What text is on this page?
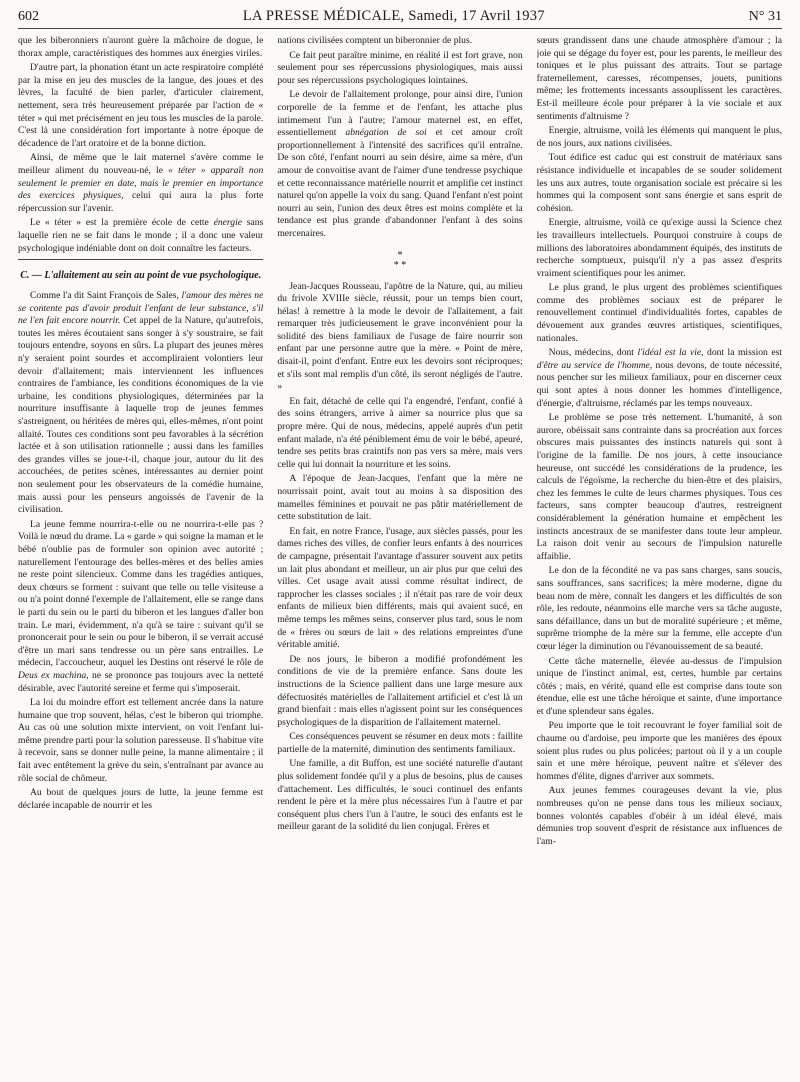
602	LA PRESSE MÉDICALE, Samedi, 17 Avril 1937	N° 31

que les biberonniers n'auront guère la mâchoire de dogue, le thorax ample, caractéristiques des hommes aux énergies viriles.

D'autre part, la phonation étant un acte respiratoire complété par la mise en jeu des muscles de la langue, des joues et des lèvres, la faculté de bien parler, d'articuler clairement, nettement, sera très heureusement préparée par l'action de « téter » qui met précisément en jeu tous les muscles de la parole. C'est là une considération fort importante à notre époque de décadence de l'art oratoire et de la bonne diction.

Ainsi, de même que le lait maternel s'avère comme le meilleur aliment du nouveau-né, le « téter » apparaît non seulement le premier en date, mais le premier en importance des exercices physiques, celui qui aura la plus forte répercussion sur l'avenir.

Le « téter » est la première école de cette énergie sans laquelle rien ne se fait dans le monde ; il a donc une valeur psychologique indéniable dont on doit connaître les facteurs.

C. — L'allaitement au sein au point de vue psychologique.

Comme l'a dit Saint François de Sales, l'amour des mères ne se contente pas d'avoir produit l'enfant de leur substance, s'il ne l'en fait encore nourrir. Cet appel de la Nature, qu'autrefois, toutes les mères écoutaient sans songer à s'y soustraire, se fait toujours entendre, soyons en sûrs. La plupart des jeunes mères n'y seraient point sourdes et accompliraient volontiers leur devoir d'allaitement; mais interviennent les influences contraires de l'ambiance, les conditions économiques de la vie urbaine, les conditions physiologiques, déterminées par la nourriture insuffisante à laquelle trop de jeunes femmes s'astreignent, ou héritées de mères qui, elles-mêmes, n'ont point allaité. Toutes ces conditions sont peu favorables à la sécrétion lactée et à son utilisation rationnelle ; aussi dans les familles des grandes villes se joue-t-il, chaque jour, autour du lit des accouchées, de petites scènes, intéressantes au dernier point non seulement pour les observateurs de la comédie humaine, mais aussi pour les penseurs angoissés de l'avenir de la civilisation.

La jeune femme nourrira-t-elle ou ne nourrira-t-elle pas ? Voilà le nœud du drame. La « garde » qui soigne la maman et le bébé n'oublie pas de formuler son opinion avec autorité ; naturellement l'entourage des belles-mères et des belles amies ne reste point silencieux. Comme dans les tragédies antiques, deux chœurs se forment : suivant que telle ou telle visiteuse a ou n'a point donné l'exemple de l'allaitement, elle se range dans le parti du sein ou le parti du biberon et les langues d'aller bon train. Le mari, évidemment, n'a qu'à se taire : suivant qu'il se prononcerait pour le sein ou pour le biberon, il se verrait accusé d'être un mari sans tendresse ou un père sans entrailles. Le médecin, l'accoucheur, auquel les Destins ont réservé le rôle de Deus ex machina, ne se prononce pas toujours avec la netteté désirable, avec l'autorité sereine et ferme qui s'imposerait.

La loi du moindre effort est tellement ancrée dans la nature humaine que trop souvent, hélas, c'est le biberon qui triomphe. Au cas où une solution mixte intervient, on voit l'enfant lui-même prendre parti pour la solution paresseuse. Il s'habitue vite à recevoir, sans se donner nulle peine, la manne alimentaire ; il fait avec entêtement la grève du sein, s'entraînant par avance au rôle social de chômeur.

Au bout de quelques jours de lutte, la jeune femme est déclarée incapable de nourrir et les

nations civilisées comptent un biberonnier de plus.

Ce fait peut paraître minime, en réalité il est fort grave, non seulement pour ses répercussions physiologiques, mais aussi pour ses répercussions psychologiques lointaines.

Le devoir de l'allaitement prolonge, pour ainsi dire, l'union corporelle de la femme et de l'enfant, les attache plus intimement l'un à l'autre; l'amour maternel est, en effet, essentiellement abnégation de soi et cet amour croît proportionnellement à l'intensité des sacrifices qu'il entraîne. De son côté, l'enfant nourri au sein désire, aime sa mère, d'un amour de convoitise avant de l'aimer d'une tendresse psychique et cette reconnaissance matérielle nourrit et amplifie cet instinct naturel qu'on appelle la voix du sang. Quand l'enfant n'est point nourri au sein, l'union des deux êtres est moins complète et la tendance est plus grande d'abandonner l'enfant à des soins mercenaires.

*
* *

Jean-Jacques Rousseau, l'apôtre de la Nature, qui, au milieu du frivole XVIIIe siècle, réussit, pour un temps bien court, hélas! à remettre à la mode le devoir de l'allaitement, a fait remarquer très judicieusement le grave inconvénient pour la solidité des biens familiaux de l'usage de faire nourrir son enfant par une personne autre que la mère. « Point de mère, disait-il, point d'enfant. Entre eux les devoirs sont réciproques; et s'ils sont mal remplis d'un côté, ils seront négligés de l'autre. »

En fait, détaché de celle qui l'a engendré, l'enfant, confié à des soins étrangers, arrive à aimer sa nourrice plus que sa propre mère. Qui de nous, médecins, appelé auprès d'un petit enfant malade, n'a été péniblement ému de voir le bébé, apeuré, tendre ses petits bras craintifs non pas vers sa mère, mais vers celle qui lui donnait la nourriture et les soins.

A l'époque de Jean-Jacques, l'enfant que la mère ne nourrissait point, avait tout au moins à sa disposition des mamelles féminines et pouvait ne pas pâtir matériellement de cette substitution de lait.

En fait, en notre France, l'usage, aux siècles passés, pour les dames riches des villes, de confier leurs enfants à des nourrices de campagne, présentait l'avantage d'assurer souvent aux petits un lait plus abondant et meilleur, un air plus pur que celui des villes. Cet usage avait aussi comme résultat indirect, de rapprocher les classes sociales ; il n'était pas rare de voir deux enfants de milieux bien différents, mais qui avaient sucé, en même temps les mêmes seins, conserver plus tard, sous le nom de « frères ou sœurs de lait » des relations empreintes d'une véritable amitié.

De nos jours, le biberon a modifié profondément les conditions de vie de la première enfance. Sans doute les instructions de la Science pallient dans une large mesure aux défectuosités matérielles de l'allaitement artificiel et c'est là un grand bienfait : mais elles n'agissent point sur les conséquences psychologiques de la disparition de l'allaitement maternel.

Ces conséquences peuvent se résumer en deux mots : faillite partielle de la maternité, diminution des sentiments familiaux.

Une famille, a dit Buffon, est une société naturelle d'autant plus solidement fondée qu'il y a plus de besoins, plus de causes d'attachement. Les difficultés, le souci continuel des enfants rendent le père et la mère plus nécessaires l'un à l'autre et par conséquent plus chers l'un à l'autre, le souci des enfants est le meilleur garant de la solidité du lien conjugal. Frères et

sœurs grandissent dans une chaude atmosphère d'amour ; la joie qui se dégage du foyer est, pour les parents, le meilleur des toniques et le plus puissant des attraits. Tout se partage fraternellement, caresses, récompenses, jouets, punitions même; les frottements incessants assouplissent les caractères. Est-il meilleure école pour préparer à la vie sociale et aux sentiments d'altruisme ?

Energie, altruisme, voilà les éléments qui manquent le plus, de nos jours, aux nations civilisées.

Tout édifice est caduc qui est construit de matériaux sans résistance individuelle et incapables de se souder solidement les uns aux autres, toute organisation sociale est précaire si les hommes qui la composent sont sans énergie et sans esprit de cohésion.

Energie, altruisme, voilà ce qu'exige aussi la Science chez les travailleurs intellectuels. Pourquoi construire à coups de millions des laboratoires abondamment équipés, des instituts de recherche somptueux, puisqu'il n'y a pas assez d'esprits vraiment scientifiques pour les animer.

Le plus grand, le plus urgent des problèmes scientifiques comme des problèmes sociaux est de préparer le renouvellement continuel d'individualités fortes, capables de dévouement aux grandes œuvres artistiques, scientifiques, nationales.

Nous, médecins, dont l'idéal est la vie, dont la mission est d'être au service de l'homme, nous devons, de toute nécessité, nous pencher sur les milieux familiaux, pour en discerner ceux qui sont aptes à nous donner les hommes d'intelligence, d'énergie, d'altruisme, réclamés par les temps nouveaux.

Le problème se pose très nettement. L'humanité, à son aurore, obéissait sans contrainte dans sa procréation aux forces obscures mais puissantes des instincts naturels qui sont à l'origine de la famille. De nos jours, à cette insouciance heureuse, ont succédé les considérations de la prudence, les calculs de l'égoïsme, la recherche du bien-être et des plaisirs, chez les femmes le culte de leurs charmes physiques. Tous ces facteurs, sans compter beaucoup d'autres, restreignent considérablement la génération humaine et empêchent les instincts ancestraux de se manifester dans toute leur ampleur. La raison doit venir au secours de l'impulsion naturelle affaiblie.

Le don de la fécondité ne va pas sans charges, sans soucis, sans souffrances, sans sacrifices; la mère moderne, digne du beau nom de mère, connaît les dangers et les difficultés de son rôle, les redoute, néanmoins elle marche vers sa tâche auguste, sans défaillance, dans un but de moralité supérieure ; et même, suprême triomphe de la mère sur la femme, elle accepte d'un cœur léger la diminution ou l'évanouissement de sa beauté.

Cette tâche maternelle, élevée au-dessus de l'impulsion unique de l'instinct animal, est, certes, humble par certains côtés ; mais, en vérité, quand elle est comprise dans toute son étendue, elle est une tâche héroïque et sainte, d'une importance et d'une splendeur sans égales.

Peu importe que le toit recouvrant le foyer familial soit de chaume ou d'ardoise, peu importe que les manières des époux soient plus rudes ou plus policées; partout où il y a un couple sain et une mère héroïque, peuvent naître et s'élever des hommes d'élite, dignes d'arriver aux sommets.

Aux jeunes femmes courageuses devant la vie, plus nombreuses qu'on ne pense dans tous les milieux sociaux, bonnes volontés capables d'obéir à un idéal élevé, mais démunies trop souvent d'esprit de résistance aux influences de l'am-
